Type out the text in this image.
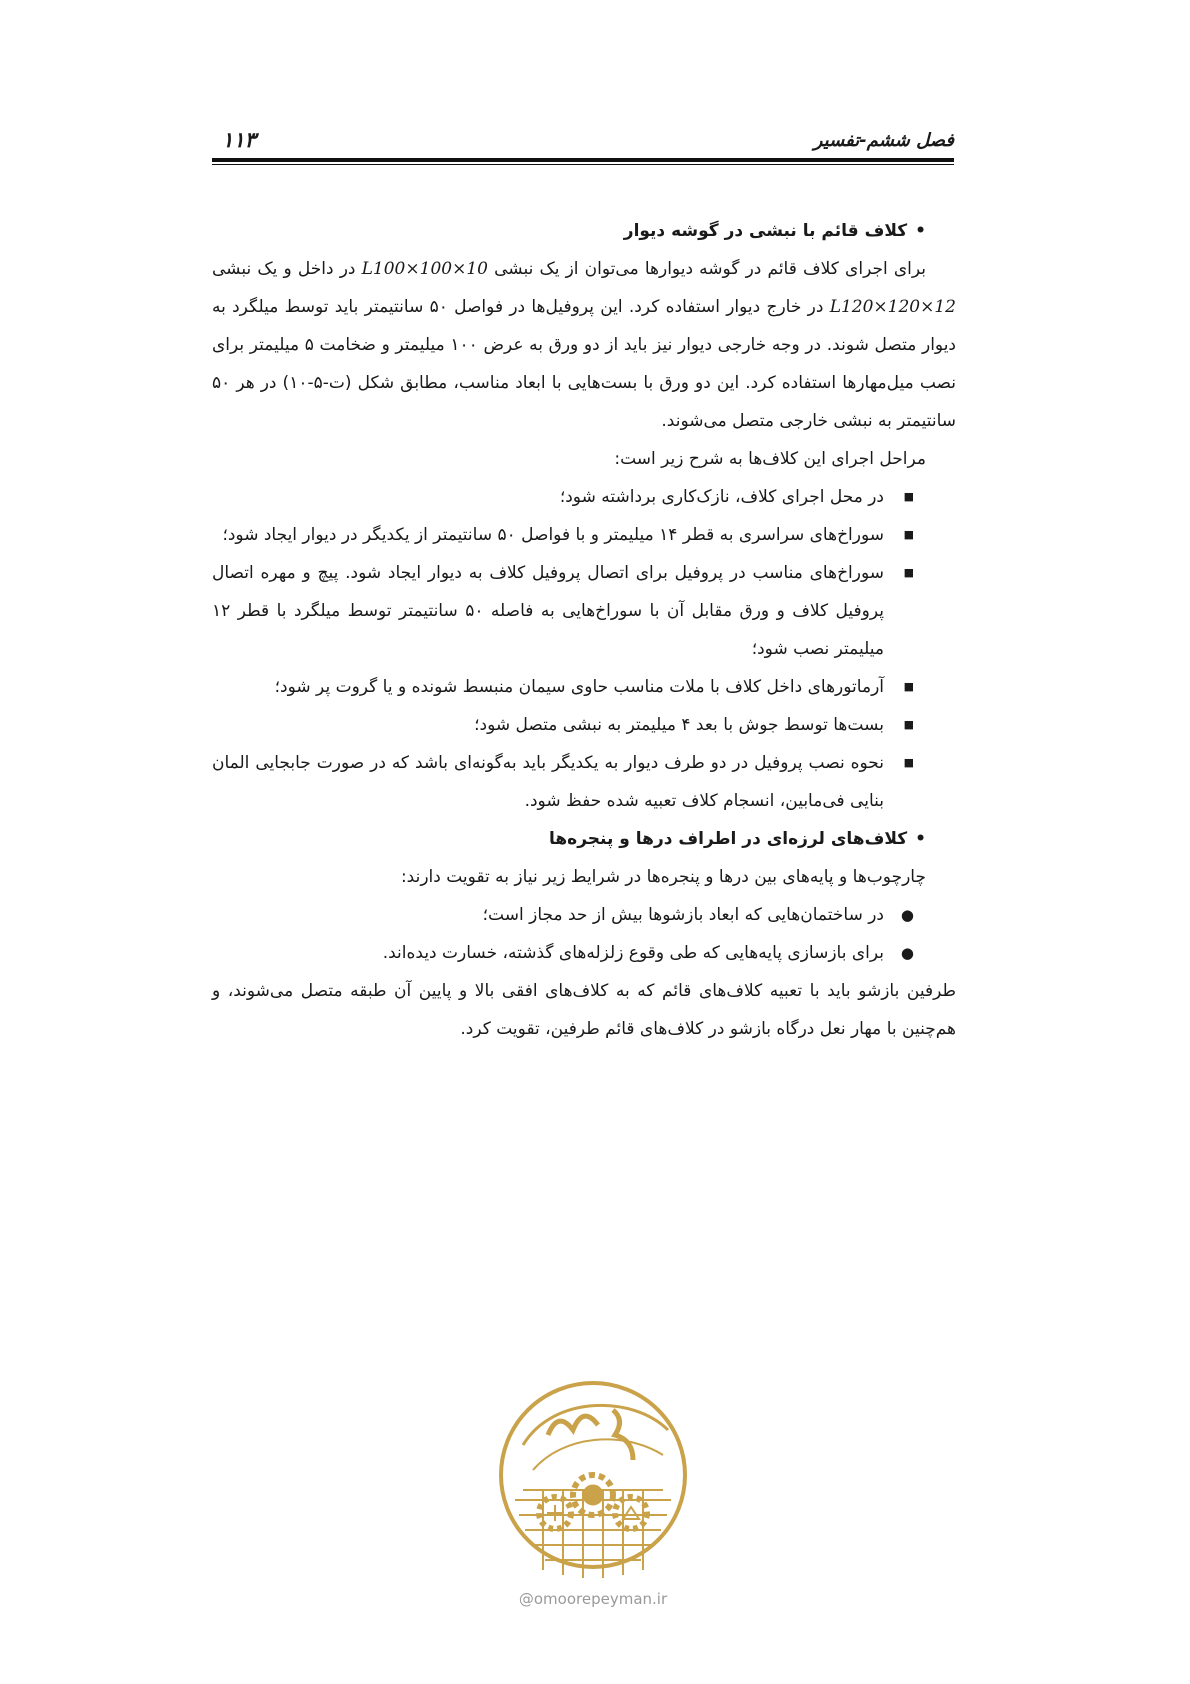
۱۱۳	فصل ششم-تفسیر

•کلاف قائم با نبشی در گوشه دیوار

برای اجرای کلاف قائم در گوشه دیوارها می‌توان از یک نبشی L100×100×10 در داخل و یک نبشی L120×120×12 در خارج دیوار استفاده کرد. این پروفیل‌ها در فواصل ۵۰ سانتیمتر باید توسط میلگرد به دیوار متصل شوند. در وجه خارجی دیوار نیز باید از دو ورق به عرض ۱۰۰ میلیمتر و ضخامت ۵ میلیمتر برای نصب میل‌مهارها استفاده کرد. این دو ورق با بست‌هایی با ابعاد مناسب، مطابق شکل (ت-۵-۱۰) در هر ۵۰ سانتیمتر به نبشی خارجی متصل می‌شوند.

مراحل اجرای این کلاف‌ها به شرح زیر است:

■
در محل اجرای کلاف، نازک‌کاری برداشته شود؛
■
سوراخ‌های سراسری به قطر ۱۴ میلیمتر و با فواصل ۵۰ سانتیمتر از یکدیگر در دیوار ایجاد شود؛
■
سوراخ‌های مناسب در پروفیل برای اتصال پروفیل کلاف به دیوار ایجاد شود. پیچ و مهره اتصال پروفیل کلاف و ورق مقابل آن با سوراخ‌هایی به فاصله ۵۰ سانتیمتر توسط میلگرد با قطر ۱۲ میلیمتر نصب شود؛
■
آرماتورهای داخل کلاف با ملات مناسب حاوی سیمان منبسط شونده و یا گروت پر شود؛
■
بست‌ها توسط جوش با بعد ۴ میلیمتر به نبشی متصل شود؛
■
نحوه نصب پروفیل در دو طرف دیوار به یکدیگر باید به‌گونه‌ای باشد که در صورت جابجایی المان بنایی فی‌مابین، انسجام کلاف تعبیه شده حفظ شود.

•کلاف‌های لرزه‌ای در اطراف درها و پنجره‌ها

چارچوب‌ها و پایه‌های بین درها و پنجره‌ها در شرایط زیر نیاز به تقویت دارند:

●
در ساختمان‌هایی که ابعاد بازشوها بیش از حد مجاز است؛
●
برای بازسازی پایه‌هایی که طی وقوع زلزله‌های گذشته، خسارت دیده‌اند.

طرفین بازشو باید با تعبیه کلاف‌های قائم که به کلاف‌های افقی بالا و پایین آن طبقه متصل می‌شوند، و هم‌چنین با مهار نعل درگاه بازشو در کلاف‌های قائم طرفین، تقویت کرد.

@omoorepeyman.ir
